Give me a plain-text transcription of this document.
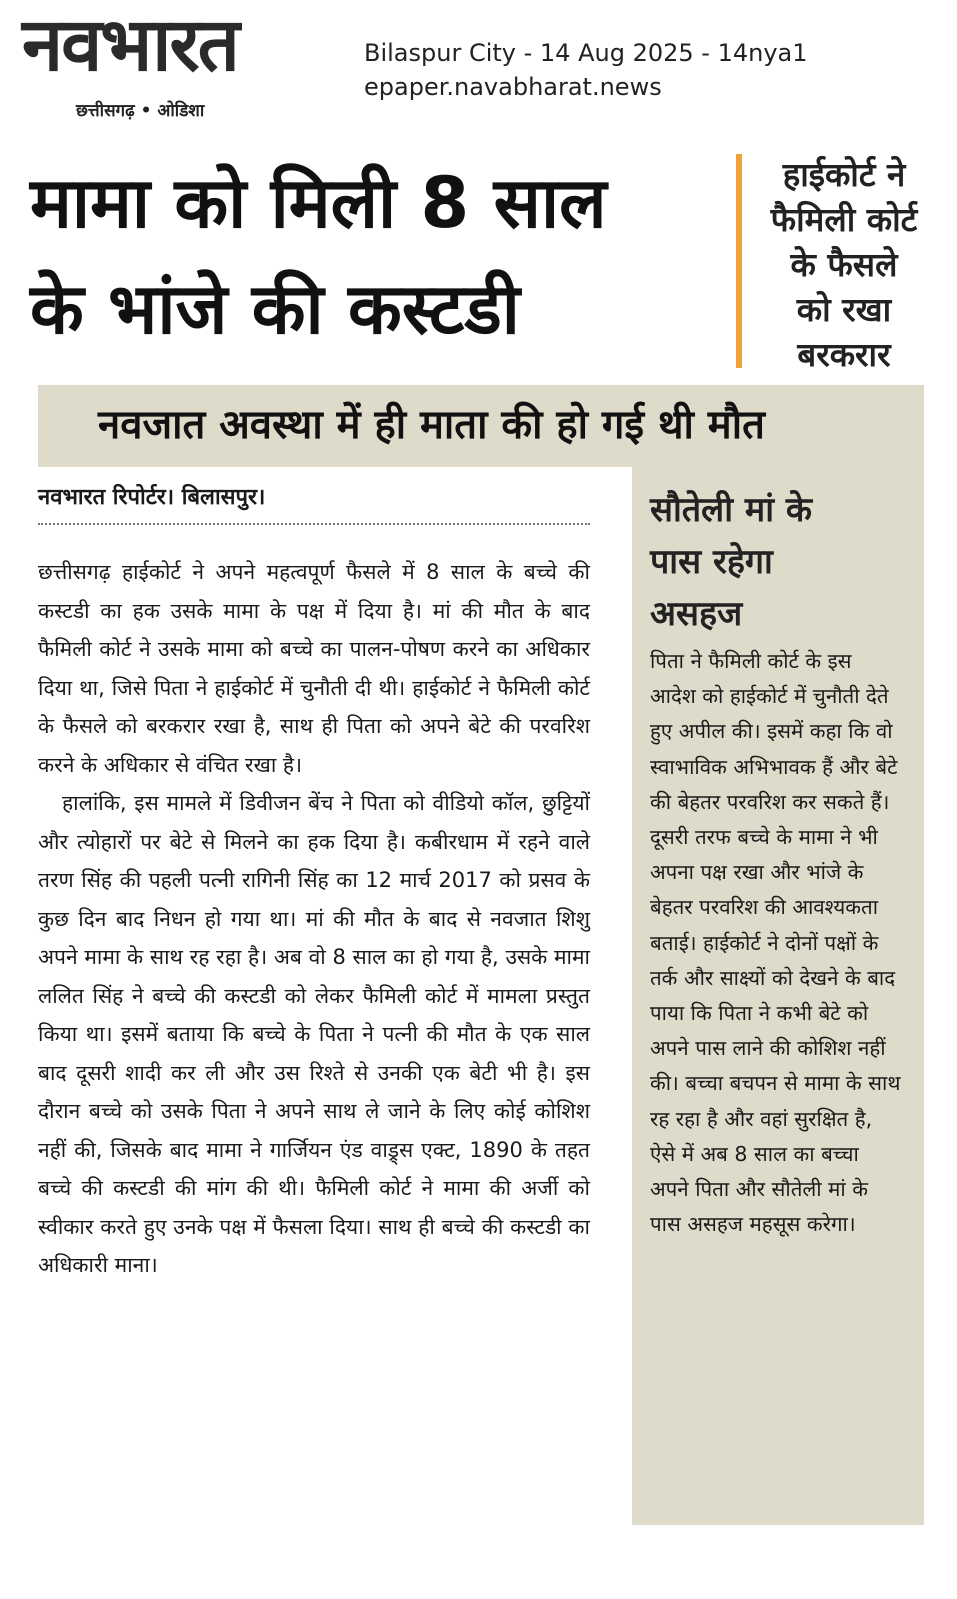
नवभारत
छत्तीसगढ़ • ओडिशा
Bilaspur City - 14 Aug 2025 - 14nya1
epaper.navabharat.news
मामा को मिली 8 साल
के भांजे की कस्टडी
हाईकोर्ट ने
फैमिली कोर्ट
के फैसले
को रखा
बरकरार
नवजात अवस्था में ही माता की हो गई थी मौत
नवभारत रिपोर्टर। बिलासपुर।

छत्तीसगढ़ हाईकोर्ट ने अपने महत्वपूर्ण फैसले में 8 साल के बच्चे की कस्टडी का हक उसके मामा के पक्ष में दिया है। मां की मौत के बाद फैमिली कोर्ट ने उसके मामा को बच्चे का पालन-पोषण करने का अधिकार दिया था, जिसे पिता ने हाईकोर्ट में चुनौती दी थी। हाईकोर्ट ने फैमिली कोर्ट के फैसले को बरकरार रखा है, साथ ही पिता को अपने बेटे की परवरिश करने के अधिकार से वंचित रखा है।

हालांकि, इस मामले में डिवीजन बेंच ने पिता को वीडियो कॉल, छुट्टियों और त्योहारों पर बेटे से मिलने का हक दिया है। कबीरधाम में रहने वाले तरण सिंह की पहली पत्नी रागिनी सिंह का 12 मार्च 2017 को प्रसव के कुछ दिन बाद निधन हो गया था। मां की मौत के बाद से नवजात शिशु अपने मामा के साथ रह रहा है। अब वो 8 साल का हो गया है, उसके मामा ललित सिंह ने बच्चे की कस्टडी को लेकर फैमिली कोर्ट में मामला प्रस्तुत किया था। इसमें बताया कि बच्चे के पिता ने पत्नी की मौत के एक साल बाद दूसरी शादी कर ली और उस रिश्ते से उनकी एक बेटी भी है। इस दौरान बच्चे को उसके पिता ने अपने साथ ले जाने के लिए कोई कोशिश नहीं की, जिसके बाद मामा ने गार्जियन एंड वाड्र्स एक्ट, 1890 के तहत बच्चे की कस्टडी की मांग की थी। फैमिली कोर्ट ने मामा की अर्जी को स्वीकार करते हुए उनके पक्ष में फैसला दिया। साथ ही बच्चे की कस्टडी का अधिकारी माना।

सौतेली मां के
पास रहेगा
असहज
पिता ने फैमिली कोर्ट के इस आदेश को हाईकोर्ट में चुनौती देते हुए अपील की। इसमें कहा कि वो स्वाभाविक अभिभावक हैं और बेटे की बेहतर परवरिश कर सकते हैं। दूसरी तरफ बच्चे के मामा ने भी अपना पक्ष रखा और भांजे के बेहतर परवरिश की आवश्यकता बताई। हाईकोर्ट ने दोनों पक्षों के तर्क और साक्ष्यों को देखने के बाद पाया कि पिता ने कभी बेटे को अपने पास लाने की कोशिश नहीं की। बच्चा बचपन से मामा के साथ रह रहा है और वहां सुरक्षित है, ऐसे में अब 8 साल का बच्चा अपने पिता और सौतेली मां के पास असहज महसूस करेगा।
